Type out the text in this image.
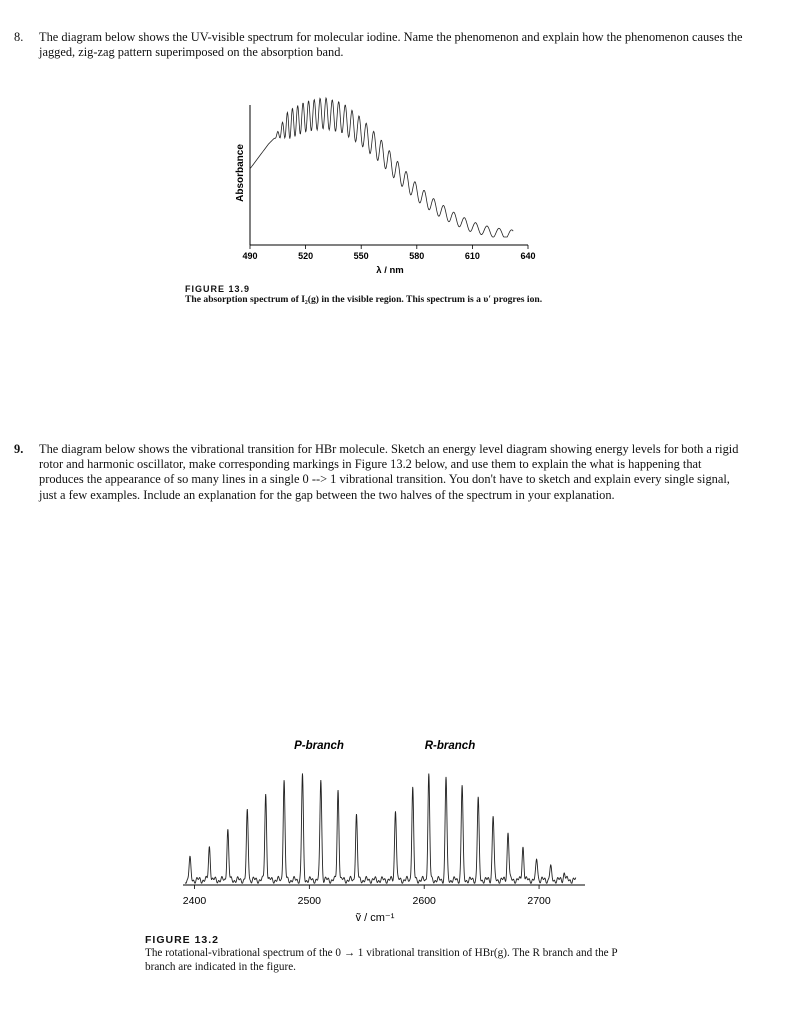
8. The diagram below shows the UV-visible spectrum for molecular iodine. Name the phenomenon and explain how the phenomenon causes the jagged, zig-zag pattern superimposed on the absorption band.
Absorbance
490	520	550	580	610	640
λ / nm
FIGURE 13.9
The absorption spectrum of I₂(g) in the visible region. This spectrum is a υ′ progres ion.
9. The diagram below shows the vibrational transition for HBr molecule. Sketch an energy level diagram showing energy levels for both a rigid rotor and harmonic oscillator, make corresponding markings in Figure 13.2 below, and use them to explain the what is happening that produces the appearance of so many lines in a single 0 --> 1 vibrational transition. You don't have to sketch and explain every single signal, just a few examples. Include an explanation for the gap between the two halves of the spectrum in your explanation.
P-branch	R-branch
2400	2500	2600	2700
ṽ / cm⁻¹
FIGURE 13.2
The rotational-vibrational spectrum of the 0 → 1 vibrational transition of HBr(g). The R branch and the P branch are indicated in the figure.
